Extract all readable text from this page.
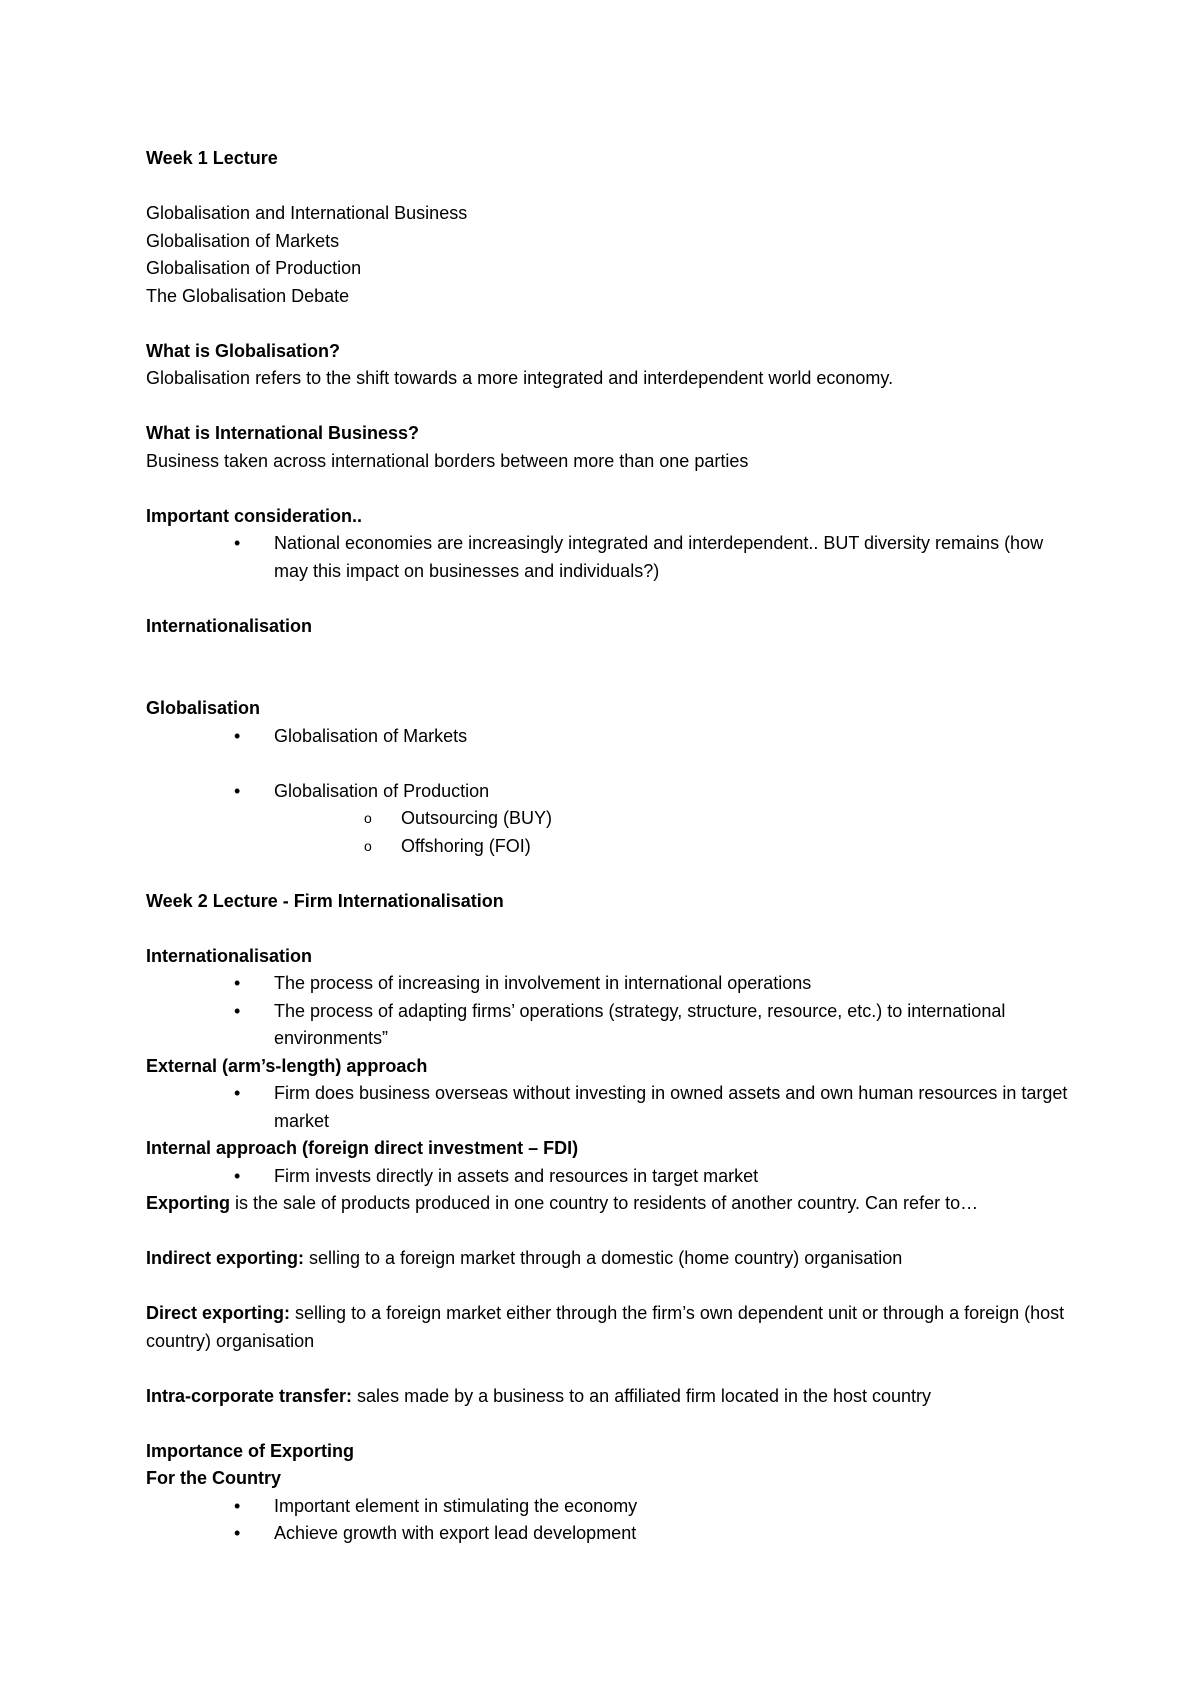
Week 1 Lecture
Globalisation and International Business
Globalisation of Markets
Globalisation of Production
The Globalisation Debate
What is Globalisation?
Globalisation refers to the shift towards a more integrated and interdependent world economy.
What is International Business?
Business taken across international borders between more than one parties
Important consideration..
• National economies are increasingly integrated and interdependent.. BUT diversity remains (how may this impact on businesses and individuals?)
Internationalisation
Globalisation
• Globalisation of Markets
• Globalisation of Production
o Outsourcing (BUY)
o Offshoring (FOI)
Week 2 Lecture - Firm Internationalisation
Internationalisation
• The process of increasing in involvement in international operations
• The process of adapting firms’ operations (strategy, structure, resource, etc.) to international environments”
External (arm’s-length) approach
• Firm does business overseas without investing in owned assets and own human resources in target market
Internal approach (foreign direct investment – FDI)
• Firm invests directly in assets and resources in target market
Exporting is the sale of products produced in one country to residents of another country. Can refer to…
Indirect exporting: selling to a foreign market through a domestic (home country) organisation
Direct exporting: selling to a foreign market either through the firm’s own dependent unit or through a foreign (host country) organisation
Intra-corporate transfer: sales made by a business to an affiliated firm located in the host country
Importance of Exporting
For the Country
• Important element in stimulating the economy
• Achieve growth with export lead development
